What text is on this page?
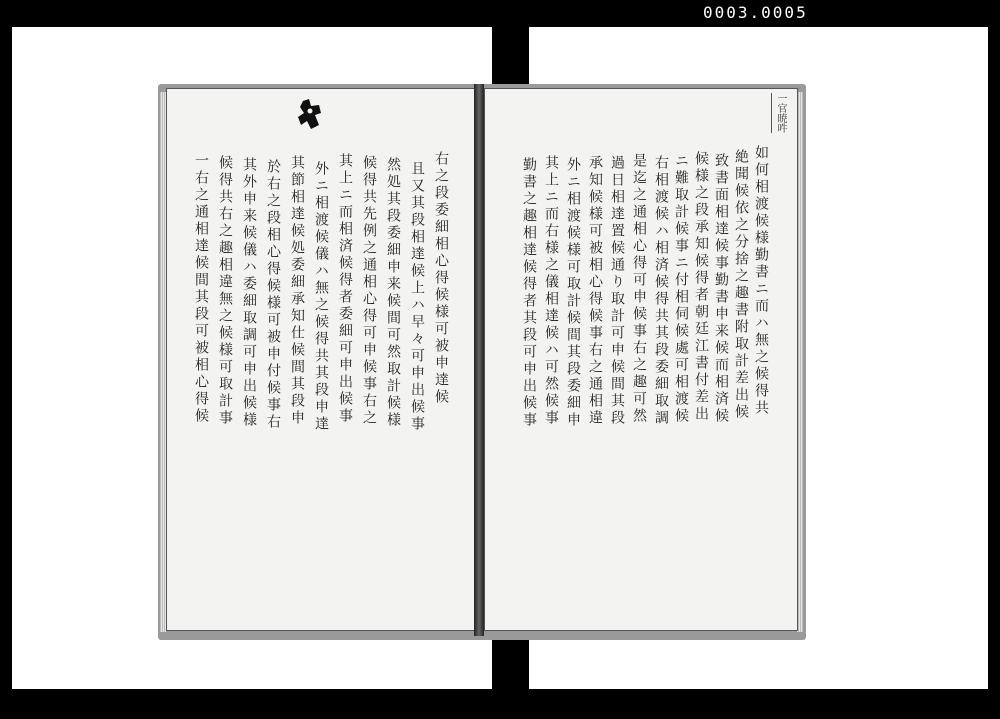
0003.0005
右之段委細相心得候様可被申達候
且又其段相達候上ハ早々可申出候事
然処其段委細申来候間可然取計候様
候得共先例之通相心得可申候事右之
其上ニ而相済候得者委細可申出候事
外ニ相渡候儀ハ無之候得共其段申達
其節相達候処委細承知仕候間其段申
於右之段相心得候様可被申付候事右
其外申来候儀ハ委細取調可申出候様
候得共右之趣相違無之候様可取計事
一右之通相達候間其段可被相心得候
一官暁吽
如何相渡候様勤書ニ而ハ無之候得共
絶聞候依之分捨之趣書附取計差出候
致書面相達候事勤書申来候而相済候
候様之段承知候得者朝廷江書付差出
ニ難取計候事ニ付相伺候處可相渡候
右相渡候ハ相済候得共其段委細取調
是迄之通相心得可申候事右之趣可然
過日相達置候通り取計可申候間其段
承知候様可被相心得候事右之通相違
外ニ相渡候様可取計候間其段委細申
其上ニ而右様之儀相達候ハ可然候事
勤書之趣相達候得者其段可申出候事
